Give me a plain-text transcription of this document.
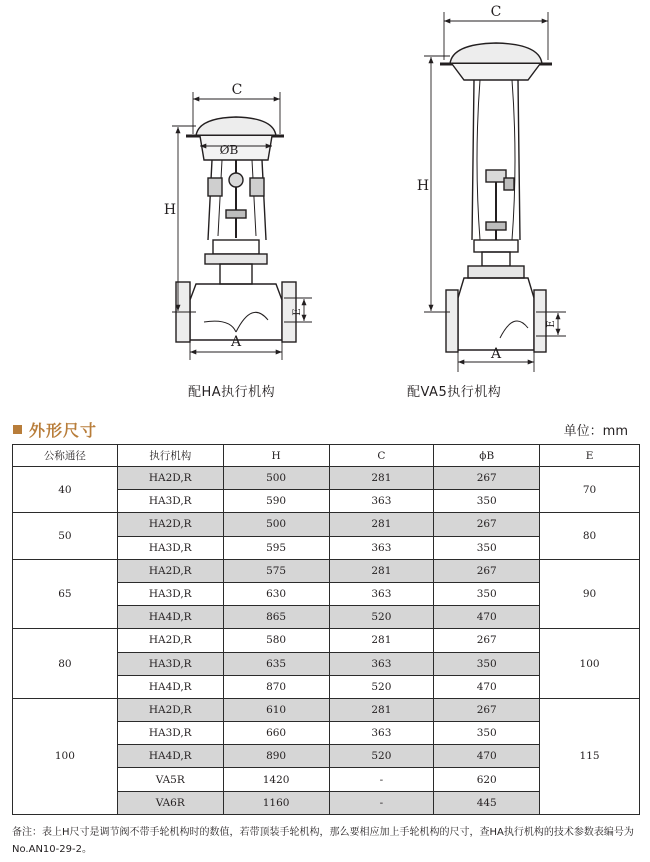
C
ØB
H
A
E
C
H
A
E
配HA执行机构	配VA5执行机构
外形尺寸	单位：mm
公称通径	执行机构	H	C	ϕB	E
40	HA2D,R	500	281	267	70
	HA3D,R	590	363	350	
50	HA2D,R	500	281	267	80
	HA3D,R	595	363	350	
65	HA2D,R	575	281	267	90
	HA3D,R	630	363	350	
	HA4D,R	865	520	470	
80	HA2D,R	580	281	267	100
	HA3D,R	635	363	350	
	HA4D,R	870	520	470	
100	HA2D,R	610	281	267	115
	HA3D,R	660	363	350	
	HA4D,R	890	520	470	
	VA5R	1420	-	620	
	VA6R	1160	-	445	
备注：表上H尺寸是调节阀不带手轮机构时的数值，若带顶装手轮机构，那么要相应加上手轮机构的尺寸，查HA执行机构的技术参数表编号为No.AN10-29-2。
